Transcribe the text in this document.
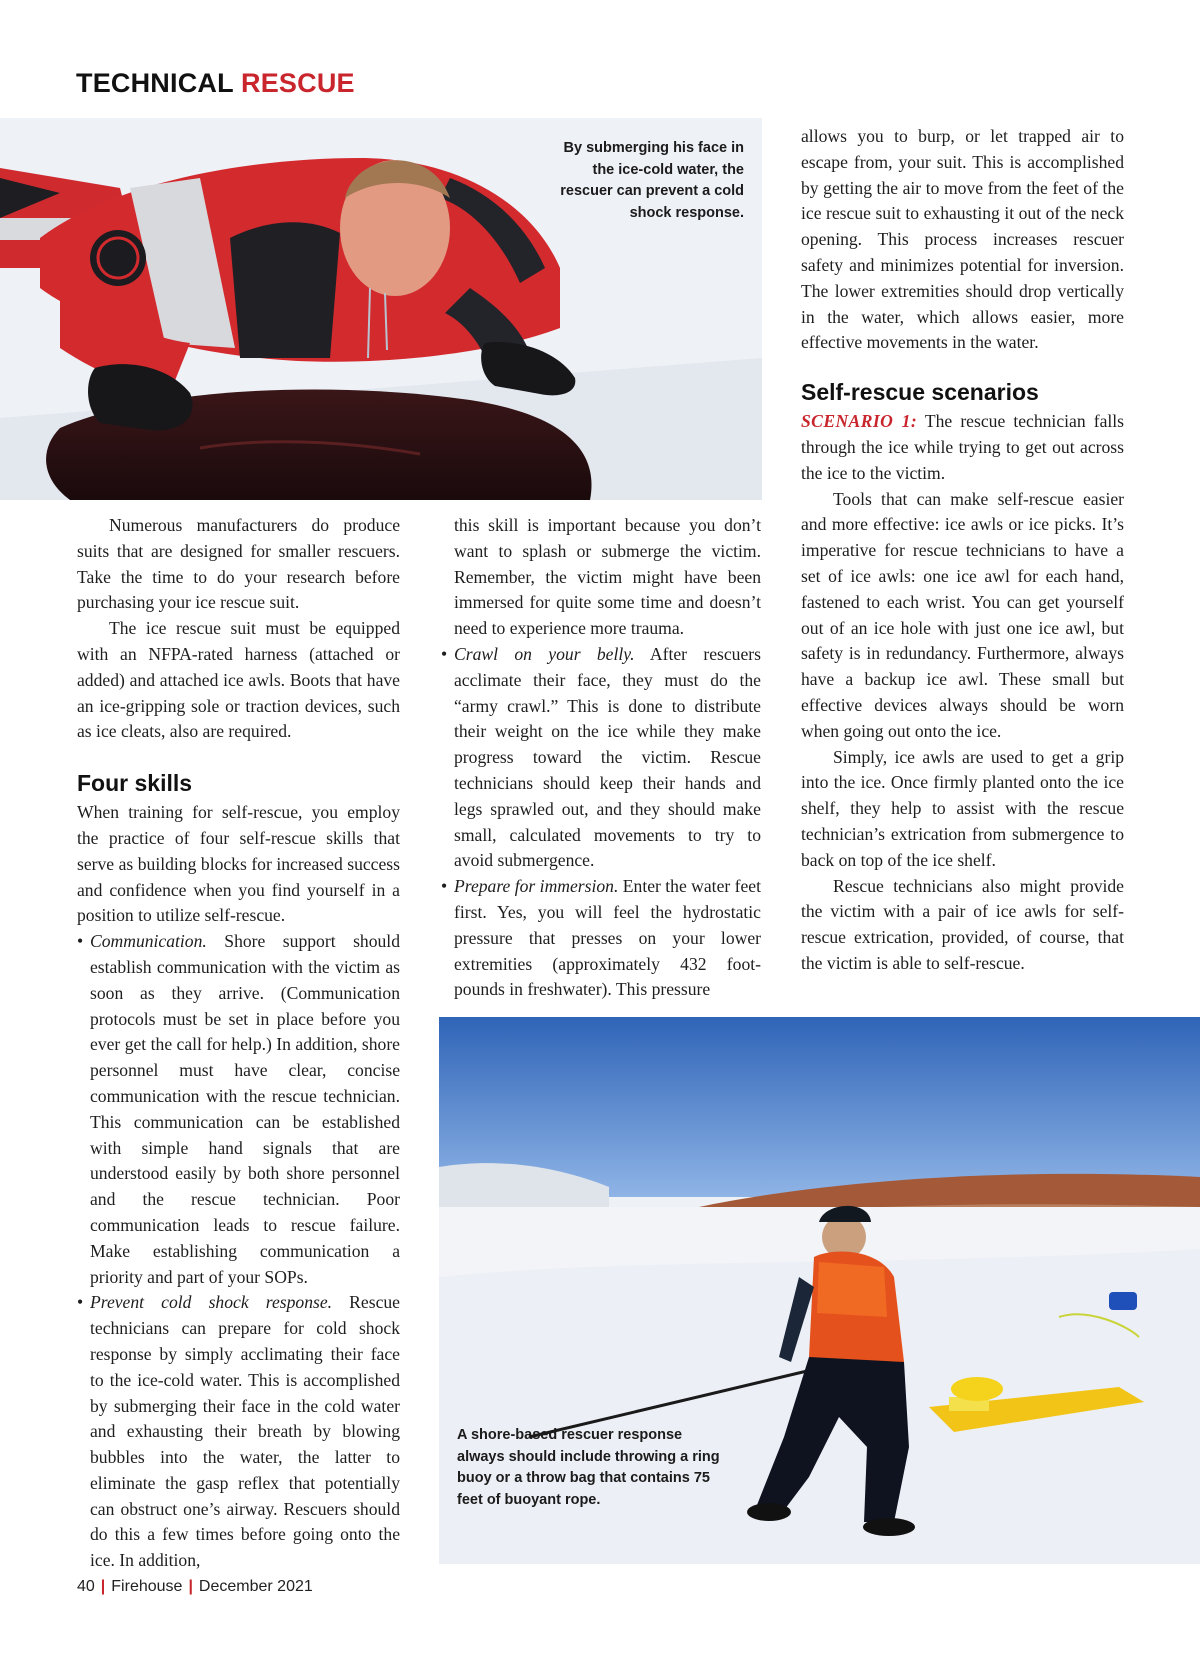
TECHNICAL RESCUE

By submerging his face in the ice-cold water, the rescuer can prevent a cold shock response.

Numerous manufacturers do produce suits that are designed for smaller rescuers. Take the time to do your research before purchasing your ice rescue suit.

The ice rescue suit must be equipped with an NFPA-rated harness (attached or added) and attached ice awls. Boots that have an ice-gripping sole or traction devices, such as ice cleats, also are required.

Four skills

When training for self-rescue, you employ the practice of four self-rescue skills that serve as building blocks for increased success and confidence when you find yourself in a position to utilize self-rescue.

• Communication. Shore support should establish communication with the victim as soon as they arrive. (Communication protocols must be set in place before you ever get the call for help.) In addition, shore personnel must have clear, concise communication with the rescue technician. This communication can be established with simple hand signals that are understood easily by both shore personnel and the rescue technician. Poor communication leads to rescue failure. Make establishing communication a priority and part of your SOPs.
• Prevent cold shock response. Rescue technicians can prepare for cold shock response by simply acclimating their face to the ice-cold water. This is accomplished by submerging their face in the cold water and exhausting their breath by blowing bubbles into the water, the latter to eliminate the gasp reflex that potentially can obstruct one’s airway. Rescuers should do this a few times before going onto the ice. In addition,
this skill is important because you don’t want to splash or submerge the victim. Remember, the victim might have been immersed for quite some time and doesn’t need to experience more trauma.
• Crawl on your belly. After rescuers acclimate their face, they must do the “army crawl.” This is done to distribute their weight on the ice while they make progress toward the victim. Rescue technicians should keep their hands and legs sprawled out, and they should make small, calculated movements to try to avoid submergence.
• Prepare for immersion. Enter the water feet first. Yes, you will feel the hydrostatic pressure that presses on your lower extremities (approximately 432 foot-pounds in freshwater). This pressure

allows you to burp, or let trapped air to escape from, your suit. This is accomplished by getting the air to move from the feet of the ice rescue suit to exhausting it out of the neck opening. This process increases rescuer safety and minimizes potential for inversion. The lower extremities should drop vertically in the water, which allows easier, more effective movements in the water.

Self-rescue scenarios

SCENARIO 1: The rescue technician falls through the ice while trying to get out across the ice to the victim.

Tools that can make self-rescue easier and more effective: ice awls or ice picks. It’s imperative for rescue technicians to have a set of ice awls: one ice awl for each hand, fastened to each wrist. You can get yourself out of an ice hole with just one ice awl, but safety is in redundancy. Furthermore, always have a backup ice awl. These small but effective devices always should be worn when going out onto the ice.

Simply, ice awls are used to get a grip into the ice. Once firmly planted onto the ice shelf, they help to assist with the rescue technician’s extrication from submergence to back on top of the ice shelf.

Rescue technicians also might provide the victim with a pair of ice awls for self-rescue extrication, provided, of course, that the victim is able to self-rescue.

A shore-based rescuer response always should include throwing a ring buoy or a throw bag that contains 75 feet of buoyant rope.

40 | Firehouse | December 2021
